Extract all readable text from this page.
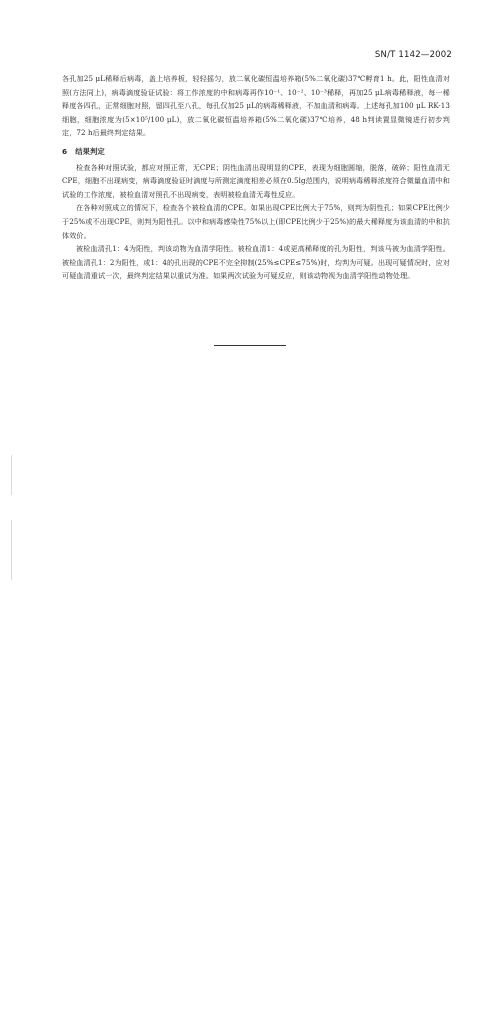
SN/T 1142—2002

各孔加25 μL稀释后病毒，盖上培养板，轻轻摇匀，放二氧化碳恒温培养箱(5%二氧化碳)37℃孵育1 h。此，阳性血清对照(方法同上)，病毒滴度验证试验：将工作浓度的中和病毒再作10⁻¹、10⁻²、10⁻³稀释，再加25 μL病毒稀释液，每一稀释度各四孔，正常细胞对照，留四孔至八孔，每孔仅加25 μL的病毒稀释液，不加血清和病毒。上述每孔加100 μL RK-13细胞，细胞浓度为(5×10⁵/100 μL)，放二氧化碳恒温培养箱(5%二氧化碳)37℃培养，48 h判读置显微镜进行初步判定，72 h后最终判定结果。

6 结果判定

检查各种对照试验，都应对照正常，无CPE；阴性血清出现明显的CPE，表现为细胞圆缩，脱落，破碎；阳性血清无CPE，细胞不出现病变，病毒滴度验证时滴度与所测定滴度相差必须在0.5lg范围内，说明病毒稀释浓度符合微量血清中和试验的工作浓度，被检血清对照孔不出现病变，表明被检血清无毒性反应。

在各种对照成立的情况下，检查各个被检血清的CPE。如果出现CPE比例大于75%，则判为阴性孔；如果CPE比例少于25%或不出现CPE，则判为阳性孔。以中和病毒感染性75%以上(即CPE比例少于25%)的最大稀释度为该血清的中和抗体效价。

被检血清孔1：4为阳性，判该动物为血清学阳性。被检血清1：4或更高稀释度的孔为阳性，判该马被为血清学阳性。被检血清孔1：2为阳性，或1：4的孔出现的CPE不完全抑制(25%≤CPE≤75%)时，均判为可疑。出现可疑情况时，应对可疑血清重试一次，最终判定结果以重试为准。如果两次试验为可疑反应，则该动物视为血清学阳性动物处理。
